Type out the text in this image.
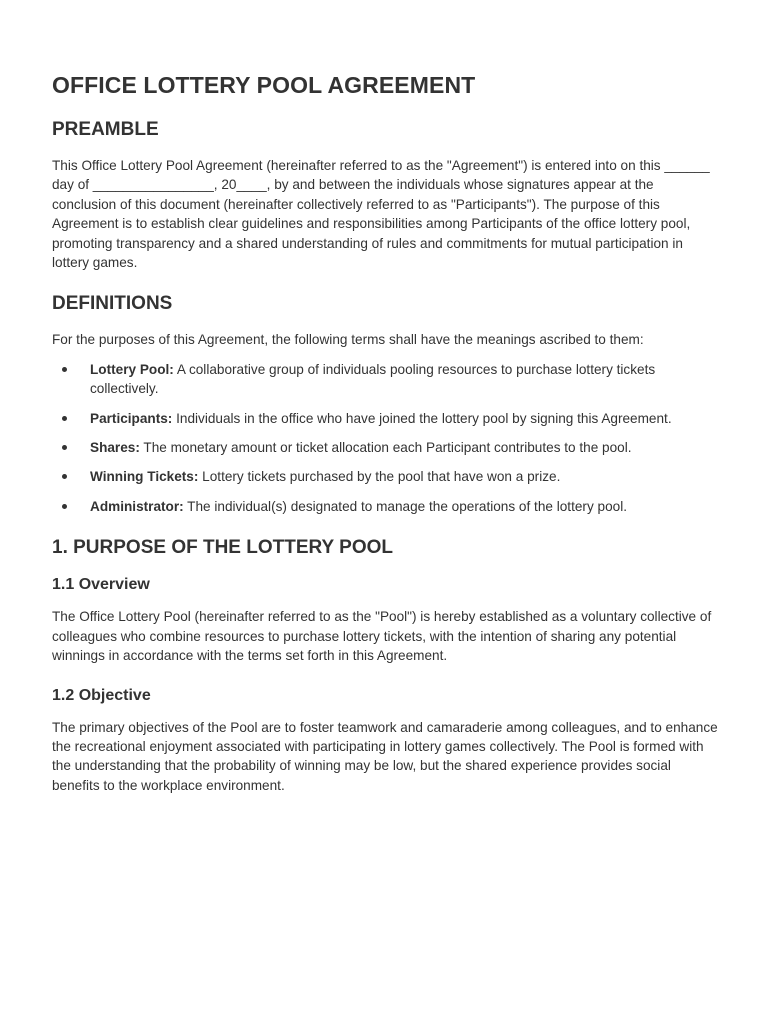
OFFICE LOTTERY POOL AGREEMENT
PREAMBLE

This Office Lottery Pool Agreement (hereinafter referred to as the "Agreement") is entered into on this ______ day of ________________, 20____, by and between the individuals whose signatures appear at the conclusion of this document (hereinafter collectively referred to as "Participants"). The purpose of this Agreement is to establish clear guidelines and responsibilities among Participants of the office lottery pool, promoting transparency and a shared understanding of rules and commitments for mutual participation in lottery games.

DEFINITIONS

For the purposes of this Agreement, the following terms shall have the meanings ascribed to them:

Lottery Pool: A collaborative group of individuals pooling resources to purchase lottery tickets collectively.
Participants: Individuals in the office who have joined the lottery pool by signing this Agreement.
Shares: The monetary amount or ticket allocation each Participant contributes to the pool.
Winning Tickets: Lottery tickets purchased by the pool that have won a prize.
Administrator: The individual(s) designated to manage the operations of the lottery pool.
1. PURPOSE OF THE LOTTERY POOL
1.1 Overview

The Office Lottery Pool (hereinafter referred to as the "Pool") is hereby established as a voluntary collective of colleagues who combine resources to purchase lottery tickets, with the intention of sharing any potential winnings in accordance with the terms set forth in this Agreement.

1.2 Objective

The primary objectives of the Pool are to foster teamwork and camaraderie among colleagues, and to enhance the recreational enjoyment associated with participating in lottery games collectively. The Pool is formed with the understanding that the probability of winning may be low, but the shared experience provides social benefits to the workplace environment.
